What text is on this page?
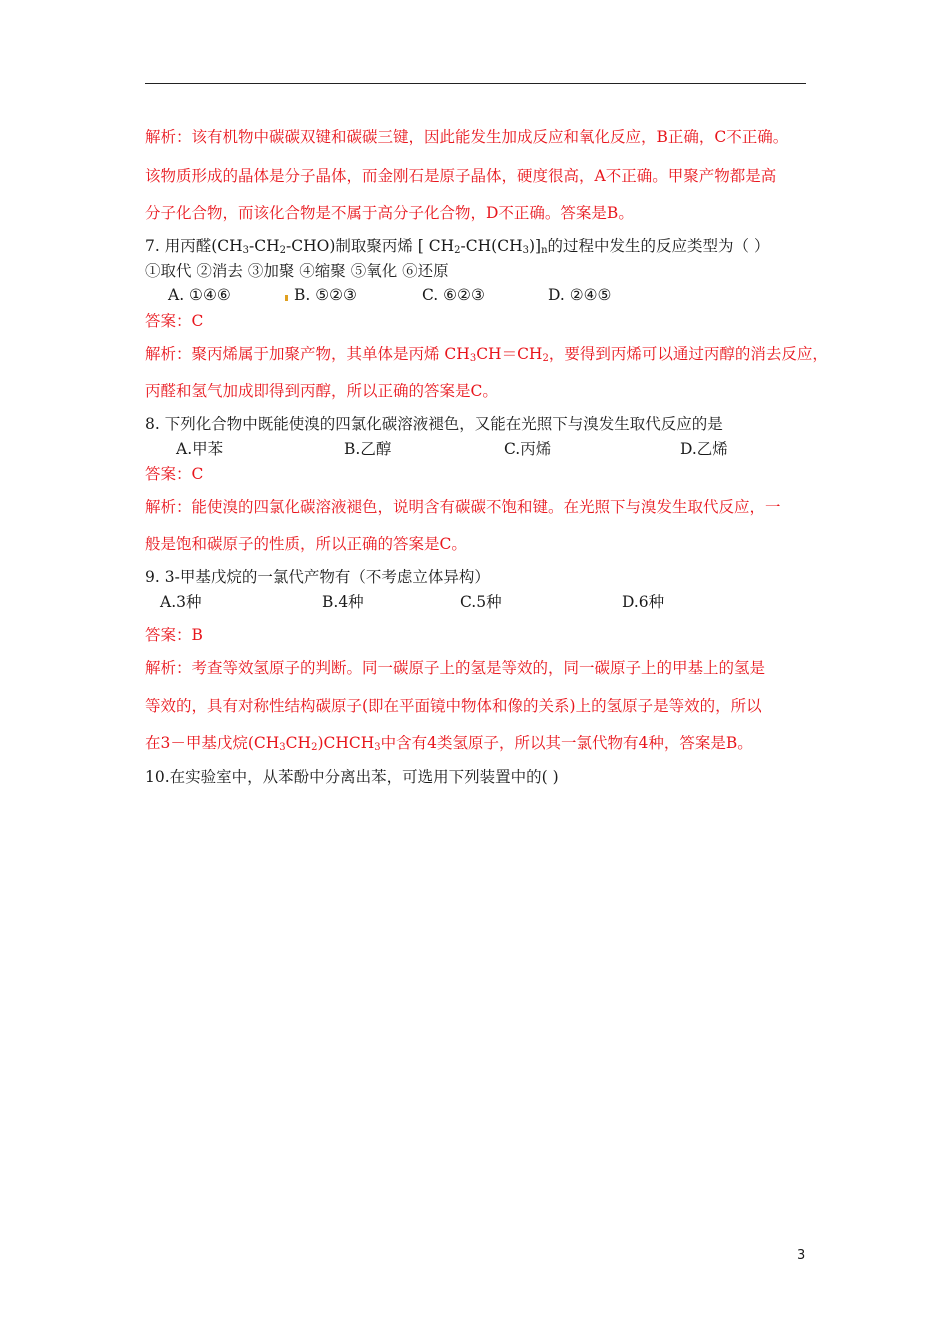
解析：该有机物中碳碳双键和碳碳三键，因此能发生加成反应和氧化反应，B正确，C不正确。
该物质形成的晶体是分子晶体，而金刚石是原子晶体，硬度很高，A不正确。甲聚产物都是高
分子化合物，而该化合物是不属于高分子化合物，D不正确。答案是B。
7. 用丙醛$(CH_3-CH_2-CHO)$制取聚丙烯 [ $CH_2-CH(CH_3)]_n$的过程中发生的反应类型为（ ）
①取代 ②消去 ③加聚 ④缩聚 ⑤氧化 ⑥还原
A. ①④⑥	B. ⑤②③	C. ⑥②③	D. ②④⑤
答案：C
解析：聚丙烯属于加聚产物，其单体是丙烯 $CH_3CH=CH_2$，要得到丙烯可以通过丙醇的消去反应，
丙醛和氢气加成即得到丙醇，所以正确的答案是C。
8. 下列化合物中既能使溴的四氯化碳溶液褪色，又能在光照下与溴发生取代反应的是
A.甲苯	B.乙醇	C.丙烯	D.乙烯
答案：C
解析：能使溴的四氯化碳溶液褪色，说明含有碳碳不饱和键。在光照下与溴发生取代反应，一
般是饱和碳原子的性质，所以正确的答案是C。
9. 3-甲基戊烷的一氯代产物有（不考虑立体异构）
A.3种	B.4种	C.5种	D.6种
答案：B
解析：考查等效氢原子的判断。同一碳原子上的氢是等效的，同一碳原子上的甲基上的氢是
等效的，具有对称性结构碳原子(即在平面镜中物体和像的关系)上的氢原子是等效的，所以
在3－甲基戊烷$(CH_3CH_2)CHCH_3$中含有4类氢原子，所以其一氯代物有4种，答案是B。
10.在实验室中，从苯酚中分离出苯，可选用下列装置中的( )
3
